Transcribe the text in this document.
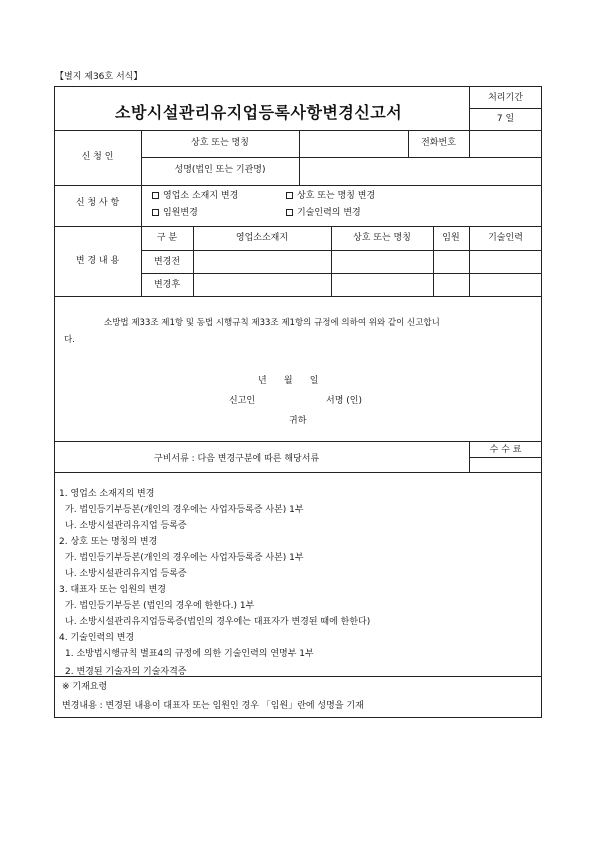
【별지 제36호 서식】
소방시설관리유지업등록사항변경신고서
처리기간
7 일
신 청 인
상호 또는 명칭	전화번호
성명(법인 또는 기관명)
신 청 사 항
영업소 소재지 변경	상호 또는 명칭 변경
임원변경	기술인력의 변경
변 경 내 용
구 분	영업소소재지	상호 또는 명칭	임원	기술인력
변경전
변경후
소방법 제33조 제1항 및 동법 시행규칙 제33조 제1항의 규정에 의하여 위와 같이 신고합니
다.
년      월      일
신고인	서명 (인)
귀하
구비서류 : 다음 변경구분에 따른 해당서류
수 수 료
1. 영업소 소재지의 변경
가. 법인등기부등본(개인의 경우에는 사업자등록증 사본) 1부
나. 소방시설관리유지업 등록증
2. 상호 또는 명칭의 변경
가. 법인등기부등본(개인의 경우에는 사업자등록증 사본) 1부
나. 소방시설관리유지업 등록증
3. 대표자 또는 임원의 변경
가. 법인등기부등본 (법인의 경우에 한한다.) 1부
나. 소방시설관리유지업등록증(법인의 경우에는 대표자가 변경된 때에 한한다)
4. 기술인력의 변경
1. 소방법시행규칙 별표4의 규정에 의한 기술인력의 연명부 1부
2. 변경된 기술자의 기술자격증
※ 기재요령
변경내용 : 변경된 내용이 대표자 또는 임원인 경우 「임원」란에 성명을 기재
